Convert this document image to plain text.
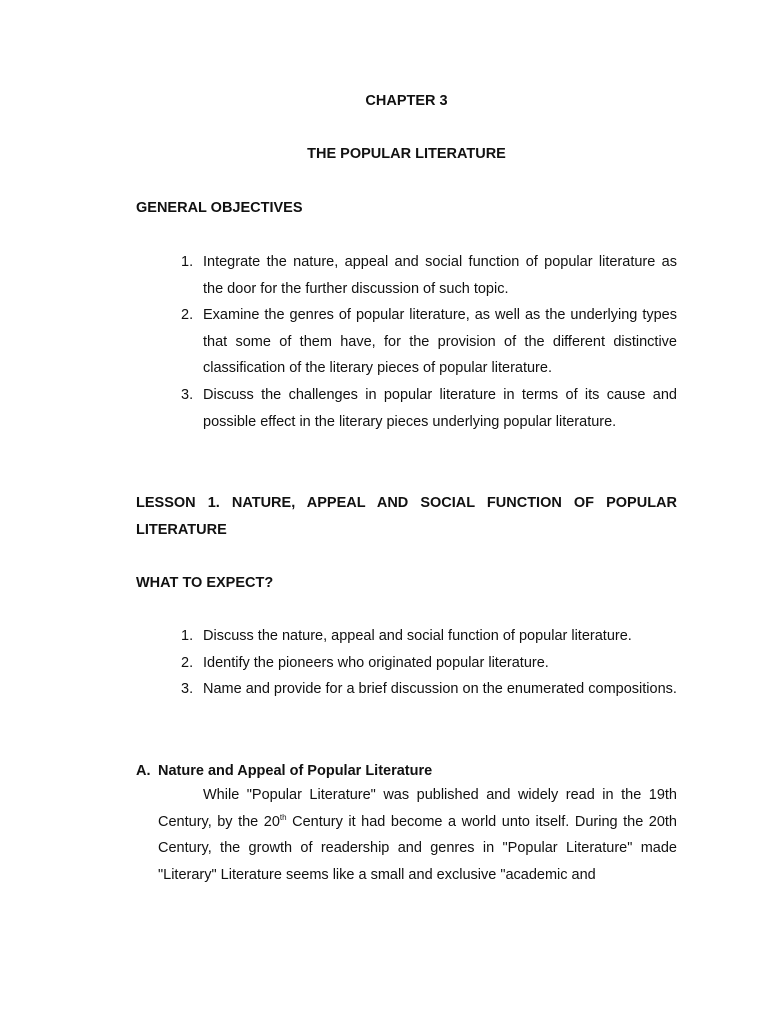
CHAPTER 3
THE POPULAR LITERATURE
GENERAL OBJECTIVES
1. Integrate the nature, appeal and social function of popular literature as the door for the further discussion of such topic.
2. Examine the genres of popular literature, as well as the underlying types that some of them have, for the provision of the different distinctive classification of the literary pieces of popular literature.
3. Discuss the challenges in popular literature in terms of its cause and possible effect in the literary pieces underlying popular literature.
LESSON 1. NATURE, APPEAL AND SOCIAL FUNCTION OF POPULAR LITERATURE
WHAT TO EXPECT?
1. Discuss the nature, appeal and social function of popular literature.
2. Identify the pioneers who originated popular literature.
3. Name and provide for a brief discussion on the enumerated compositions.
A. Nature and Appeal of Popular Literature
While "Popular Literature" was published and widely read in the 19th Century, by the 20th Century it had become a world unto itself. During the 20th Century, the growth of readership and genres in "Popular Literature" made "Literary" Literature seems like a small and exclusive "academic and
